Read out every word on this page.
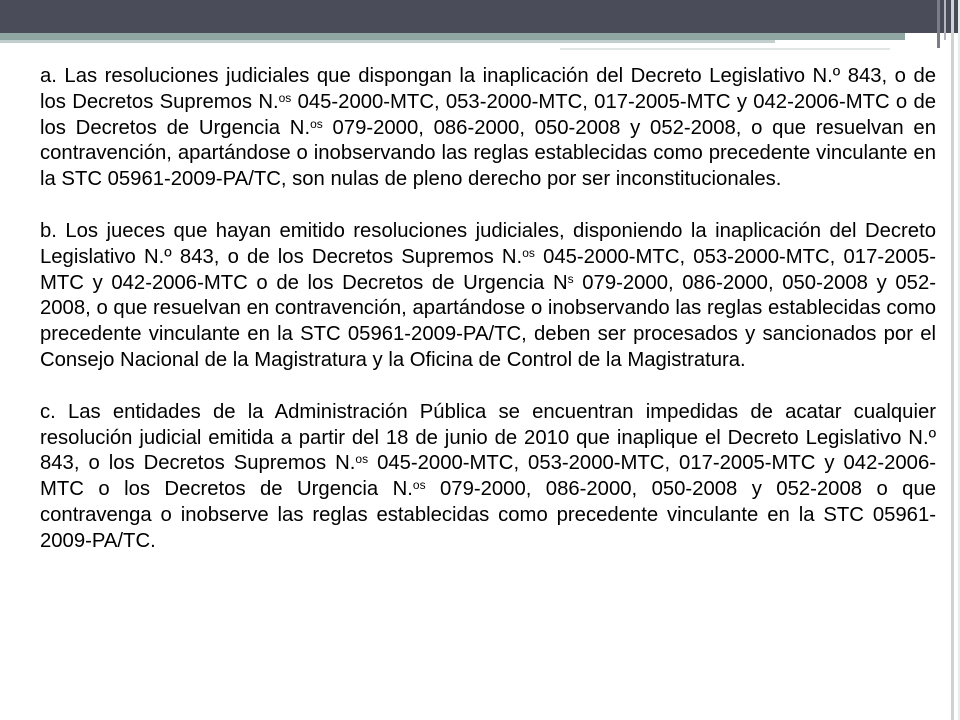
a. Las resoluciones judiciales que dispongan la inaplicación del Decreto Legislativo N.º 843, o de los Decretos Supremos N.$^{os}$ 045-2000-MTC, 053-2000-MTC, 017-2005-MTC y 042-2006-MTC o de los Decretos de Urgencia N.$^{os}$ 079-2000, 086-2000, 050-2008 y 052-2008, o que resuelvan en contravención, apartándose o inobservando las reglas establecidas como precedente vinculante en la STC 05961-2009-PA/TC, son nulas de pleno derecho por ser inconstitucionales.

b. Los jueces que hayan emitido resoluciones judiciales, disponiendo la inaplicación del Decreto Legislativo N.º 843, o de los Decretos Supremos N.$^{os}$ 045-2000-MTC, 053-2000-MTC, 017-2005-MTC y 042-2006-MTC o de los Decretos de Urgencia $N^s$ 079-2000, 086-2000, 050-2008 y 052-2008, o que resuelvan en contravención, apartándose o inobservando las reglas establecidas como precedente vinculante en la STC 05961-2009-PA/TC, deben ser procesados y sancionados por el Consejo Nacional de la Magistratura y la Oficina de Control de la Magistratura.

c. Las entidades de la Administración Pública se encuentran impedidas de acatar cualquier resolución judicial emitida a partir del 18 de junio de 2010 que inaplique el Decreto Legislativo N.º 843, o los Decretos Supremos N.$^{os}$ 045-2000-MTC, 053-2000-MTC, 017-2005-MTC y 042-2006-MTC o los Decretos de Urgencia N.$^{os}$ 079-2000, 086-2000, 050-2008 y 052-2008 o que contravenga o inobserve las reglas establecidas como precedente vinculante en la STC 05961-2009-PA/TC.
